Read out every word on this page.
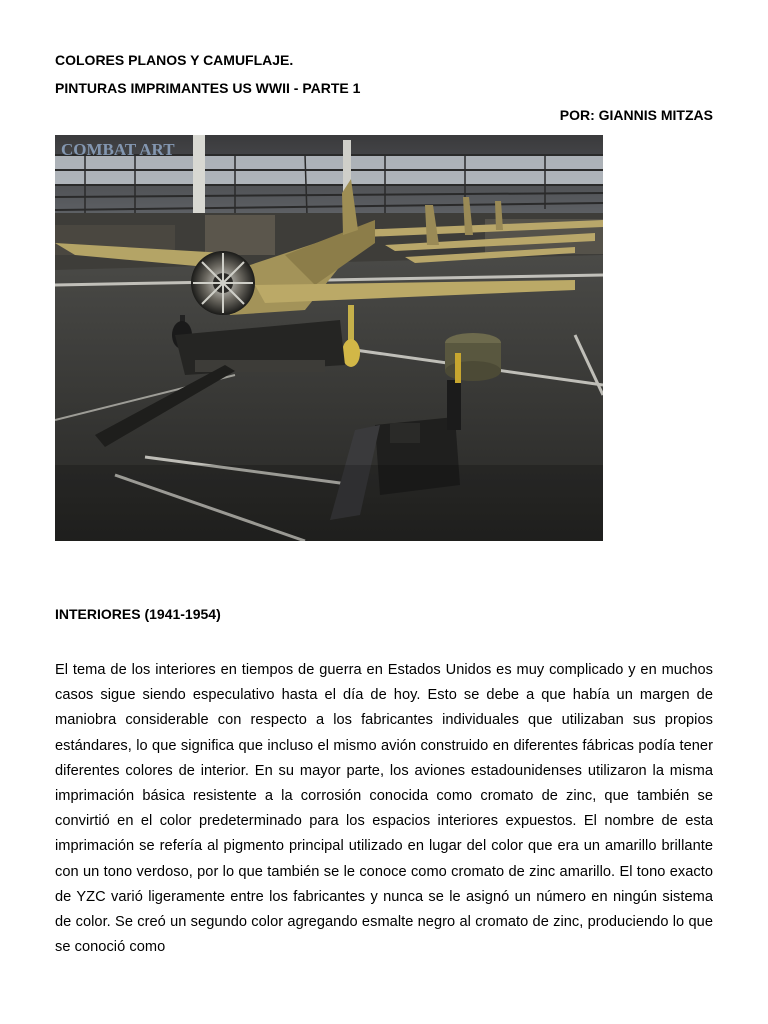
COLORES PLANOS Y CAMUFLAJE.
PINTURAS IMPRIMANTES US WWII - PARTE 1
POR: GIANNIS MITZAS
COMBAT ART
INTERIORES (1941-1954)

El tema de los interiores en tiempos de guerra en Estados Unidos es muy complicado y en muchos casos sigue siendo especulativo hasta el día de hoy. Esto se debe a que había un margen de maniobra considerable con respecto a los fabricantes individuales que utilizaban sus propios estándares, lo que significa que incluso el mismo avión construido en diferentes fábricas podía tener diferentes colores de interior. En su mayor parte, los aviones estadounidenses utilizaron la misma imprimación básica resistente a la corrosión conocida como cromato de zinc, que también se convirtió en el color predeterminado para los espacios interiores expuestos. El nombre de esta imprimación se refería al pigmento principal utilizado en lugar del color que era un amarillo brillante con un tono verdoso, por lo que también se le conoce como cromato de zinc amarillo. El tono exacto de YZC varió ligeramente entre los fabricantes y nunca se le asignó un número en ningún sistema de color. Se creó un segundo color agregando esmalte negro al cromato de zinc, produciendo lo que se conoció como
